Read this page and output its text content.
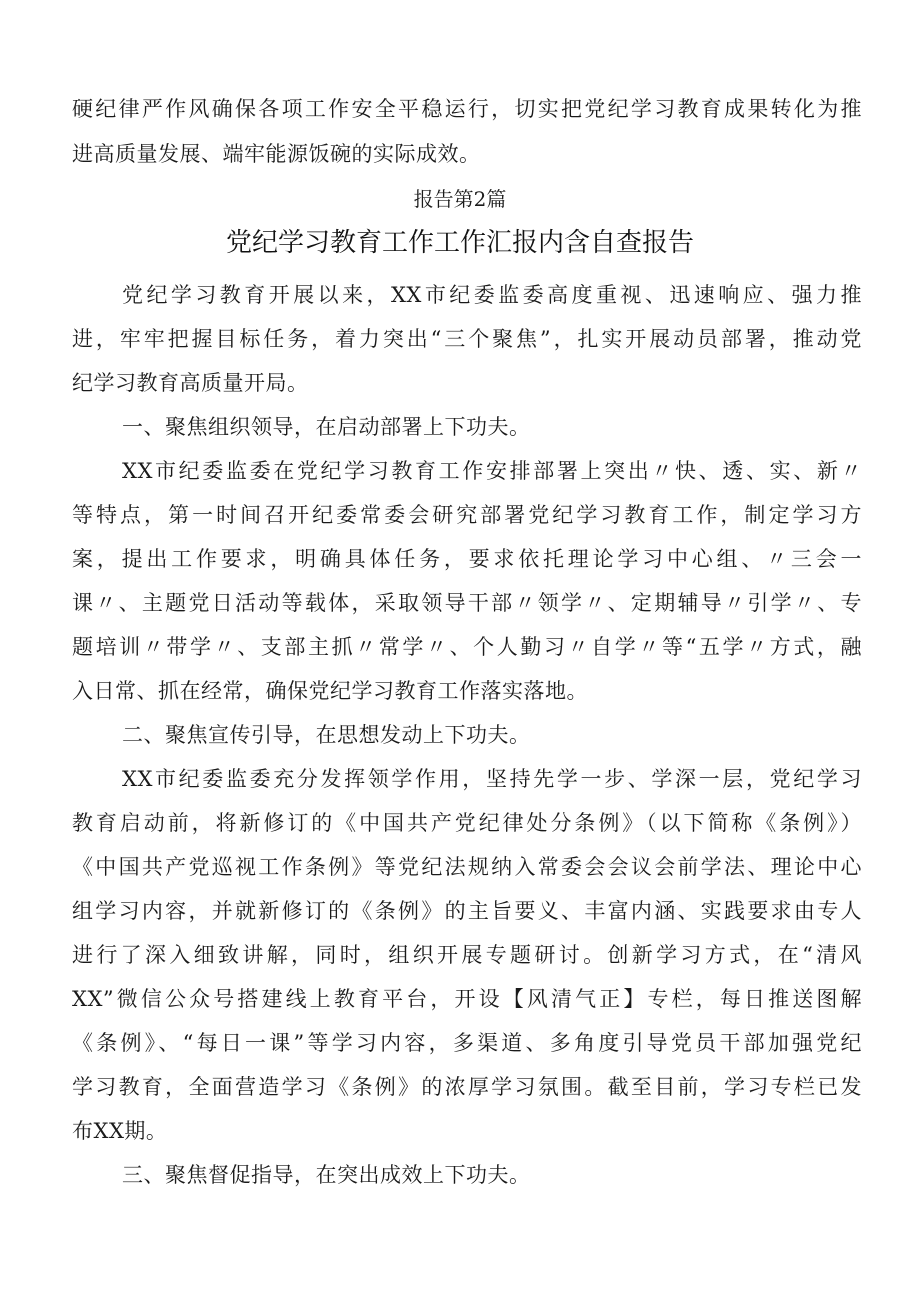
硬纪律严作风确保各项工作安全平稳运行，切实把党纪学习教育成果转化为推
进高质量发展、端牢能源饭碗的实际成效。
报告第2篇
党纪学习教育工作工作汇报内含自查报告
党纪学习教育开展以来，XX市纪委监委高度重视、迅速响应、强力推
进，牢牢把握目标任务，着力突出“三个聚焦”，扎实开展动员部署，推动党
纪学习教育高质量开局。
一、聚焦组织领导，在启动部署上下功夫。
XX市纪委监委在党纪学习教育工作安排部署上突出〃快、透、实、新〃
等特点，第一时间召开纪委常委会研究部署党纪学习教育工作，制定学习方
案，提出工作要求，明确具体任务，要求依托理论学习中心组、〃三会一
课〃、主题党日活动等载体，采取领导干部〃领学〃、定期辅导〃引学〃、专
题培训〃带学〃、支部主抓〃常学〃、个人勤习〃自学〃等“五学〃方式，融
入日常、抓在经常，确保党纪学习教育工作落实落地。
二、聚焦宣传引导，在思想发动上下功夫。
XX市纪委监委充分发挥领学作用，坚持先学一步、学深一层，党纪学习
教育启动前，将新修订的《中国共产党纪律处分条例》（以下简称《条例》）
《中国共产党巡视工作条例》等党纪法规纳入常委会会议会前学法、理论中心
组学习内容，并就新修订的《条例》的主旨要义、丰富内涵、实践要求由专人
进行了深入细致讲解，同时，组织开展专题研讨。创新学习方式，在“清风
XX”微信公众号搭建线上教育平台，开设【风清气正】专栏，每日推送图解
《条例》、“每日一课”等学习内容，多渠道、多角度引导党员干部加强党纪
学习教育，全面营造学习《条例》的浓厚学习氛围。截至目前，学习专栏已发
布XX期。
三、聚焦督促指导，在突出成效上下功夫。
